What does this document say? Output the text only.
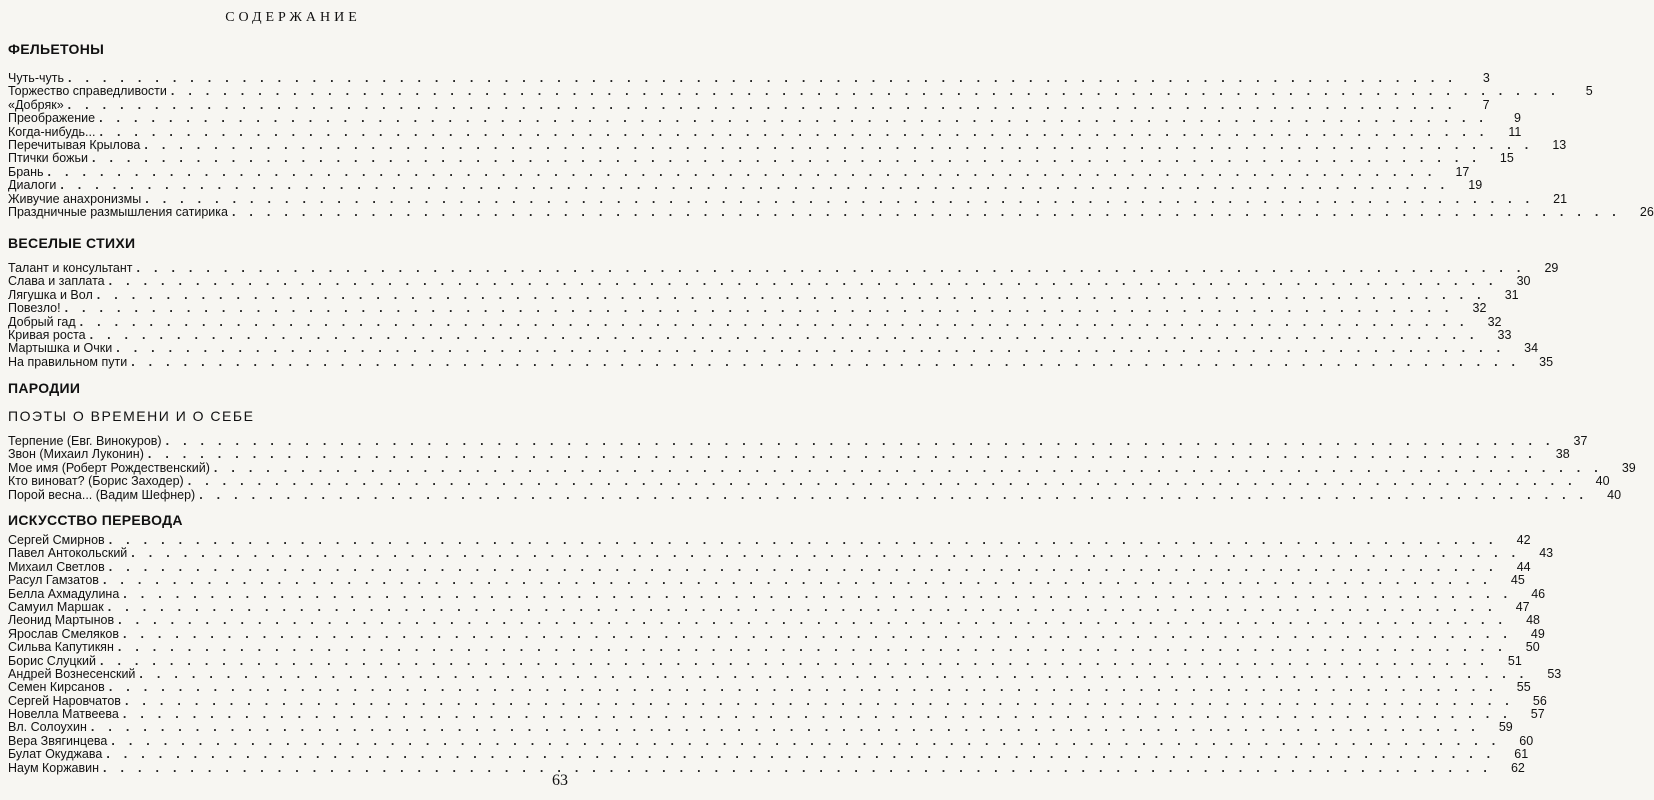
СОДЕРЖАНИЕ
ФЕЛЬЕТОНЫ
Чуть-чуть ................................................................................	3
Торжество справедливости ................................................................................	5
«Добряк» ................................................................................	7
Преображение ................................................................................	9
Когда-нибудь... ................................................................................ 11
Перечитывая Крылова ................................................................................ 13
Птички божьи ................................................................................ 15
Брань ................................................................................ 17
Диалоги ................................................................................ 19
Живучие анахронизмы ................................................................................ 21
Праздничные размышления сатирика ................................................................................ 26
ВЕСЕЛЫЕ СТИХИ
Талант и консультант ................................................................................ 29
Слава и заплата ................................................................................ 30
Лягушка и Вол ................................................................................ 31
Повезло! ................................................................................ 32
Добрый гад ................................................................................ 32
Кривая роста ................................................................................ 33
Мартышка и Очки ................................................................................ 34
На правильном пути ................................................................................ 35
ПАРОДИИ
ПОЭТЫ О ВРЕМЕНИ И О СЕБЕ
Терпение (Евг. Винокуров) ................................................................................ 37
Звон (Михаил Луконин) ................................................................................ 38
Мое имя (Роберт Рождественский) ................................................................................ 39
Кто виноват? (Борис Заходер) ................................................................................ 40
Порой весна... (Вадим Шефнер) ................................................................................ 40
ИСКУССТВО ПЕРЕВОДА
Сергей Смирнов ................................................................................ 42
Павел Антокольский ................................................................................ 43
Михаил Светлов ................................................................................ 44
Расул Гамзатов ................................................................................ 45
Белла Ахмадулина ................................................................................ 46
Самуил Маршак ................................................................................ 47
Леонид Мартынов ................................................................................ 48
Ярослав Смеляков ................................................................................ 49
Сильва Капутикян ................................................................................ 50
Борис Слуцкий ................................................................................ 51
Андрей Вознесенский ................................................................................ 53
Семен Кирсанов ................................................................................ 55
Сергей Наровчатов ................................................................................ 56
Новелла Матвеева ................................................................................ 57
Вл. Солоухин ................................................................................ 59
Вера Звягинцева ................................................................................ 60
Булат Окуджава ................................................................................ 61
Наум Коржавин ................................................................................ 62
63
